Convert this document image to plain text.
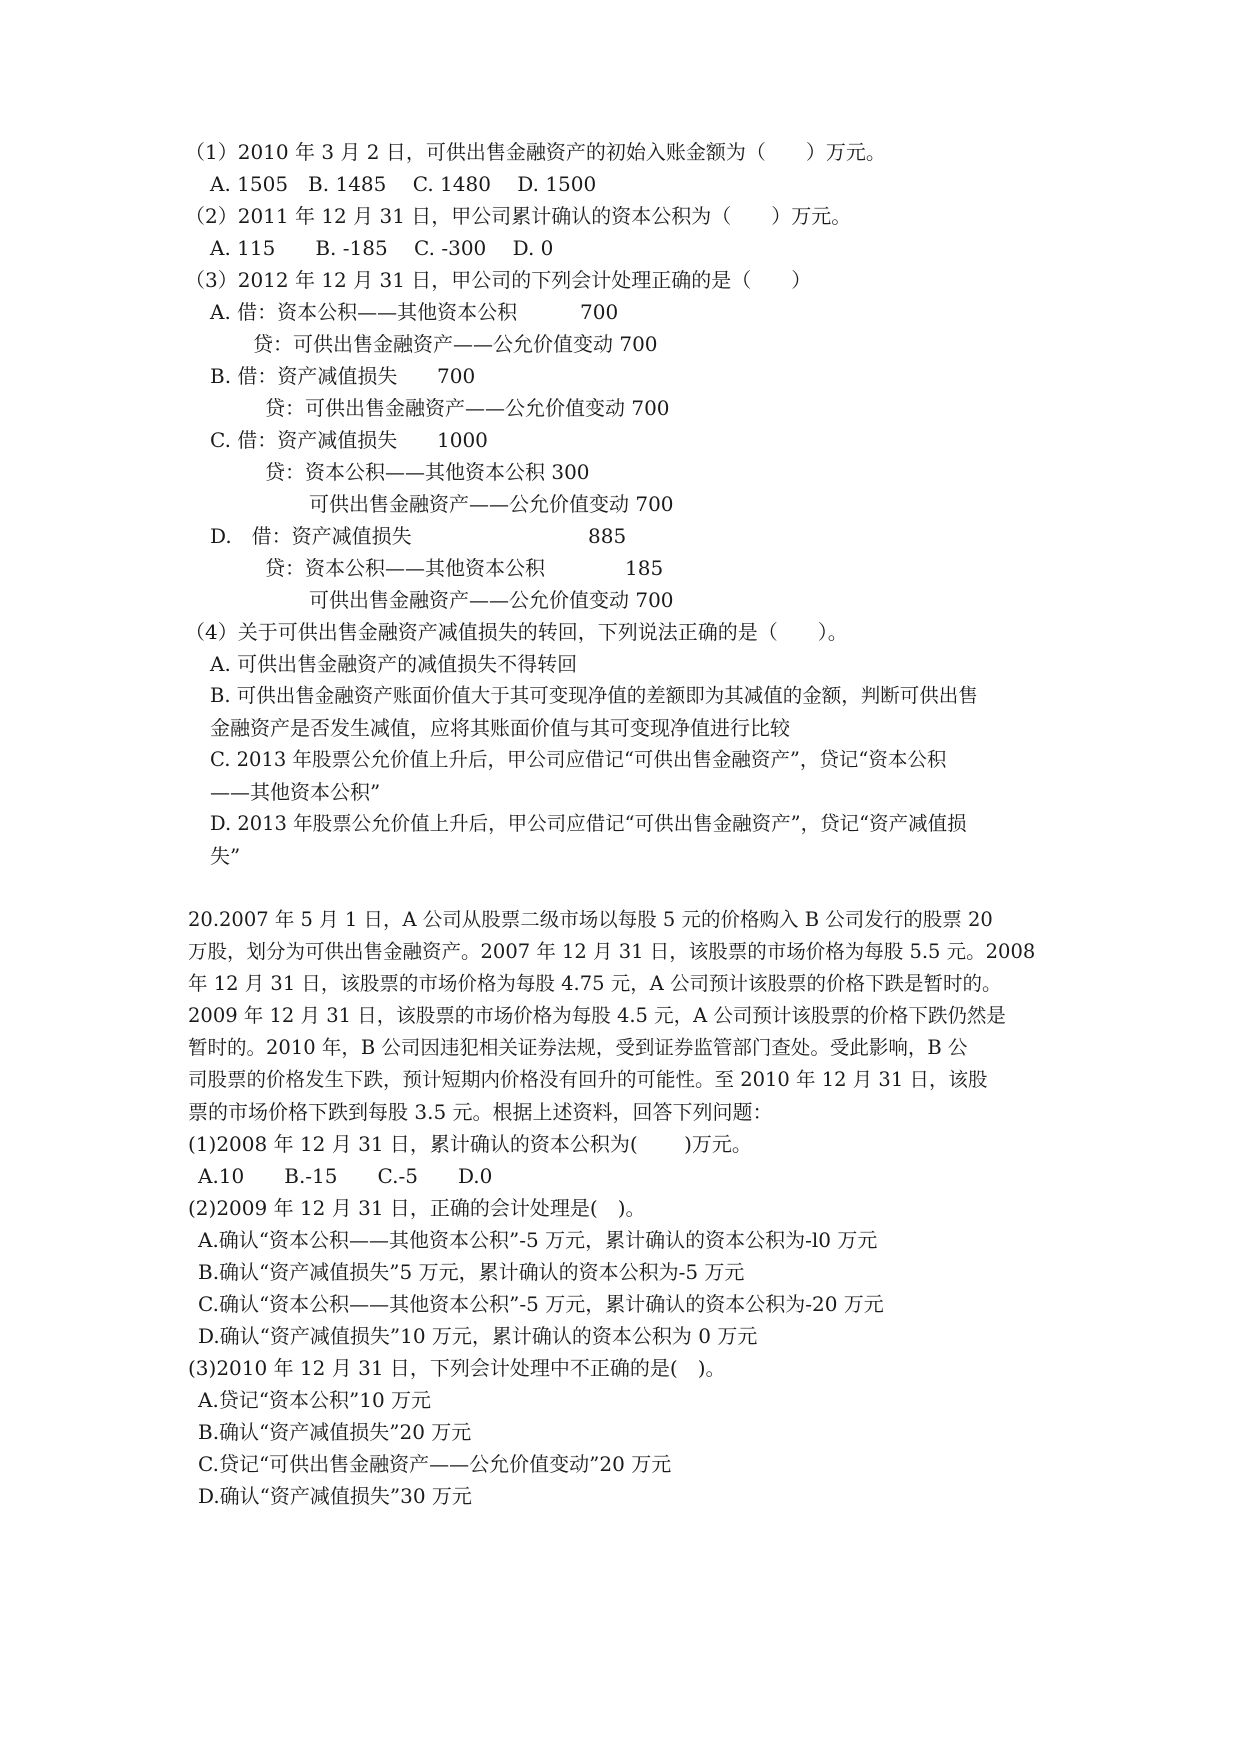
（1）2010 年 3 月 2 日，可供出售金融资产的初始入账金额为（　　）万元。
A. 1505　B. 1485　 C. 1480　 D. 1500
（2）2011 年 12 月 31 日，甲公司累计确认的资本公积为（　　）万元。
A. 115　　B. -185　 C. -300　 D. 0
（3）2012 年 12 月 31 日，甲公司的下列会计处理正确的是（　　）
A. 借：资本公积——其他资本公积	700
贷：可供出售金融资产——公允价值变动 700
B. 借：资产减值损失 700
贷：可供出售金融资产——公允价值变动 700
C. 借：资产减值损失 1000
贷：资本公积——其他资本公积 300
可供出售金融资产——公允价值变动 700
D.　借：资产减值损失	885
贷：资本公积——其他资本公积	185
可供出售金融资产——公允价值变动 700
（4）关于可供出售金融资产减值损失的转回，下列说法正确的是（　　）。
A. 可供出售金融资产的减值损失不得转回
B. 可供出售金融资产账面价值大于其可变现净值的差额即为其减值的金额，判断可供出售
金融资产是否发生减值，应将其账面价值与其可变现净值进行比较
C. 2013 年股票公允价值上升后，甲公司应借记“可供出售金融资产”，贷记“资本公积
——其他资本公积”
D. 2013 年股票公允价值上升后，甲公司应借记“可供出售金融资产”，贷记“资产减值损
失”
20.2007 年 5 月 1 日，A 公司从股票二级市场以每股 5 元的价格购入 B 公司发行的股票 20
万股，划分为可供出售金融资产。2007 年 12 月 31 日，该股票的市场价格为每股 5.5 元。2008
年 12 月 31 日，该股票的市场价格为每股 4.75 元，A 公司预计该股票的价格下跌是暂时的。
2009 年 12 月 31 日，该股票的市场价格为每股 4.5 元，A 公司预计该股票的价格下跌仍然是
暂时的。2010 年，B 公司因违犯相关证券法规，受到证券监管部门查处。受此影响，B 公
司股票的价格发生下跌，预计短期内价格没有回升的可能性。至 2010 年 12 月 31 日，该股
票的市场价格下跌到每股 3.5 元。根据上述资料，回答下列问题：
(1)2008 年 12 月 31 日，累计确认的资本公积为(　　 )万元。
A.10　　B.-15　　C.-5　　D.0
(2)2009 年 12 月 31 日，正确的会计处理是(　)。
A.确认“资本公积——其他资本公积”-5 万元，累计确认的资本公积为-l0 万元
B.确认“资产减值损失”5 万元，累计确认的资本公积为-5 万元
C.确认“资本公积——其他资本公积”-5 万元，累计确认的资本公积为-20 万元
D.确认“资产减值损失”10 万元，累计确认的资本公积为 0 万元
(3)2010 年 12 月 31 日，下列会计处理中不正确的是(　)。
A.贷记“资本公积”10 万元
B.确认“资产减值损失”20 万元
C.贷记“可供出售金融资产——公允价值变动”20 万元
D.确认“资产减值损失”30 万元
